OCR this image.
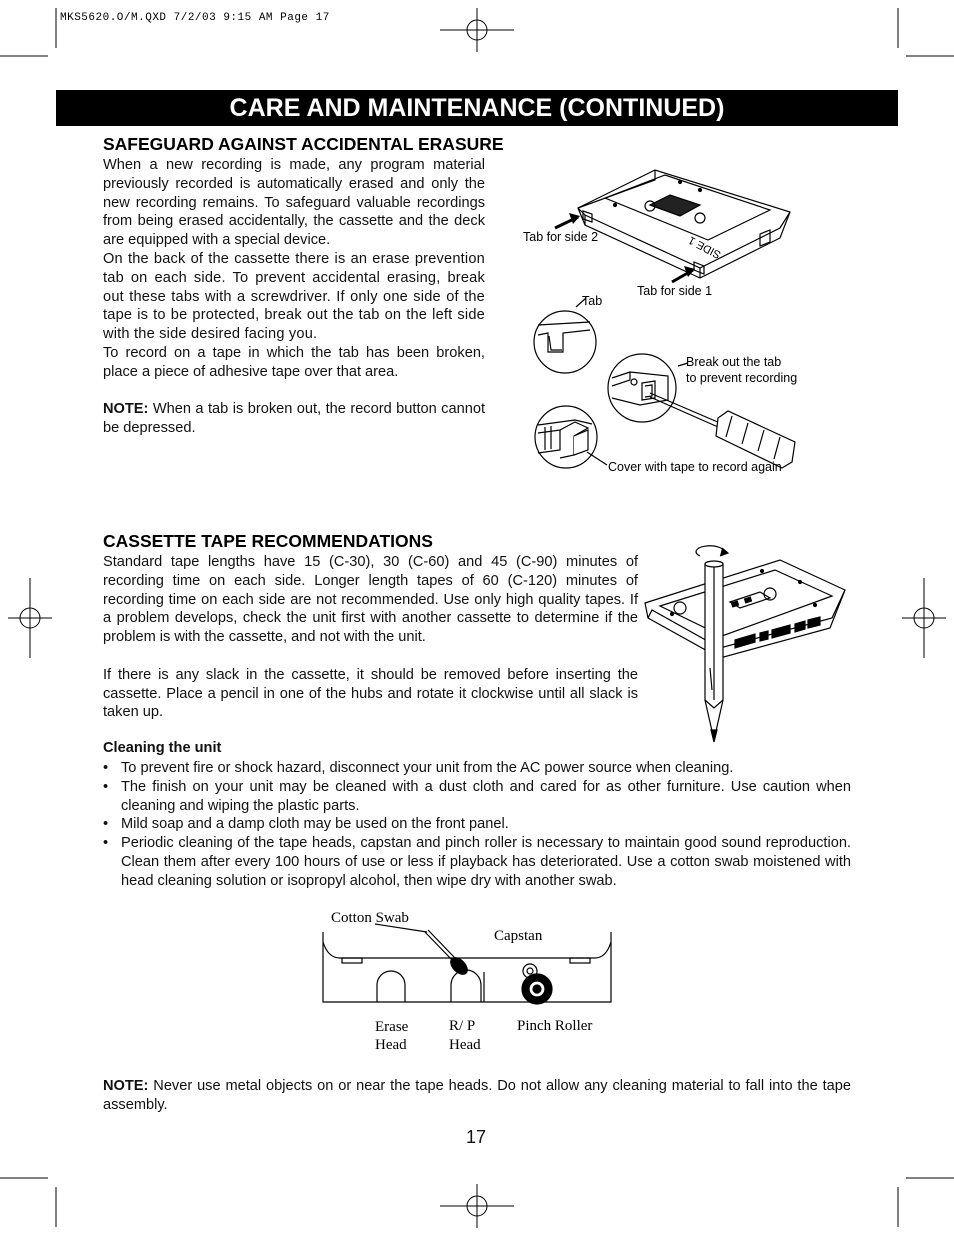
MKS5620.O/M.QXD 7/2/03 9:15 AM Page 17
CARE AND MAINTENANCE (CONTINUED)
SAFEGUARD AGAINST ACCIDENTAL ERASURE

When a new recording is made, any program material previously recorded is automatically erased and only the new recording remains. To safeguard valuable recordings from being erased accidentally, the cassette and the deck are equipped with a special device.

On the back of the cassette there is an erase prevention tab on each side. To prevent accidental erasing, break out these tabs with a screwdriver. If only one side of the tape is to be protected, break out the tab on the left side with the side desired facing you.

To record on a tape in which the tab has been broken, place a piece of adhesive tape over that area.

NOTE: When a tab is broken out, the record button cannot be depressed.

SIDE 1
Tab for side 2
Tab for side 1
Tab
Break out the tab
to prevent recording
Cover with tape to record again
CASSETTE TAPE RECOMMENDATIONS

Standard tape lengths have 15 (C-30), 30 (C-60) and 45 (C-90) minutes of recording time on each side. Longer length tapes of 60 (C-120) minutes of recording time on each side are not recommended. Use only high quality tapes. If a problem develops, check the unit first with another cassette to determine if the problem is with the cassette, and not with the unit.

If there is any slack in the cassette, it should be removed before inserting the cassette. Place a pencil in one of the hubs and rotate it clockwise until all slack is taken up.

Cleaning the unit
• To prevent fire or shock hazard, disconnect your unit from the AC power source when cleaning.
• The finish on your unit may be cleaned with a dust cloth and cared for as other furniture. Use caution when cleaning and wiping the plastic parts.
• Mild soap and a damp cloth may be used on the front panel.
• Periodic cleaning of the tape heads, capstan and pinch roller is necessary to maintain good sound reproduction. Clean them after every 100 hours of use or less if playback has deteriorated. Use a cotton swab moistened with head cleaning solution or isopropyl alcohol, then wipe dry with another swab.
Cotton Swab
Capstan
Erase
Head
R/ P
Head
Pinch Roller

NOTE: Never use metal objects on or near the tape heads. Do not allow any cleaning material to fall into the tape assembly.

17
